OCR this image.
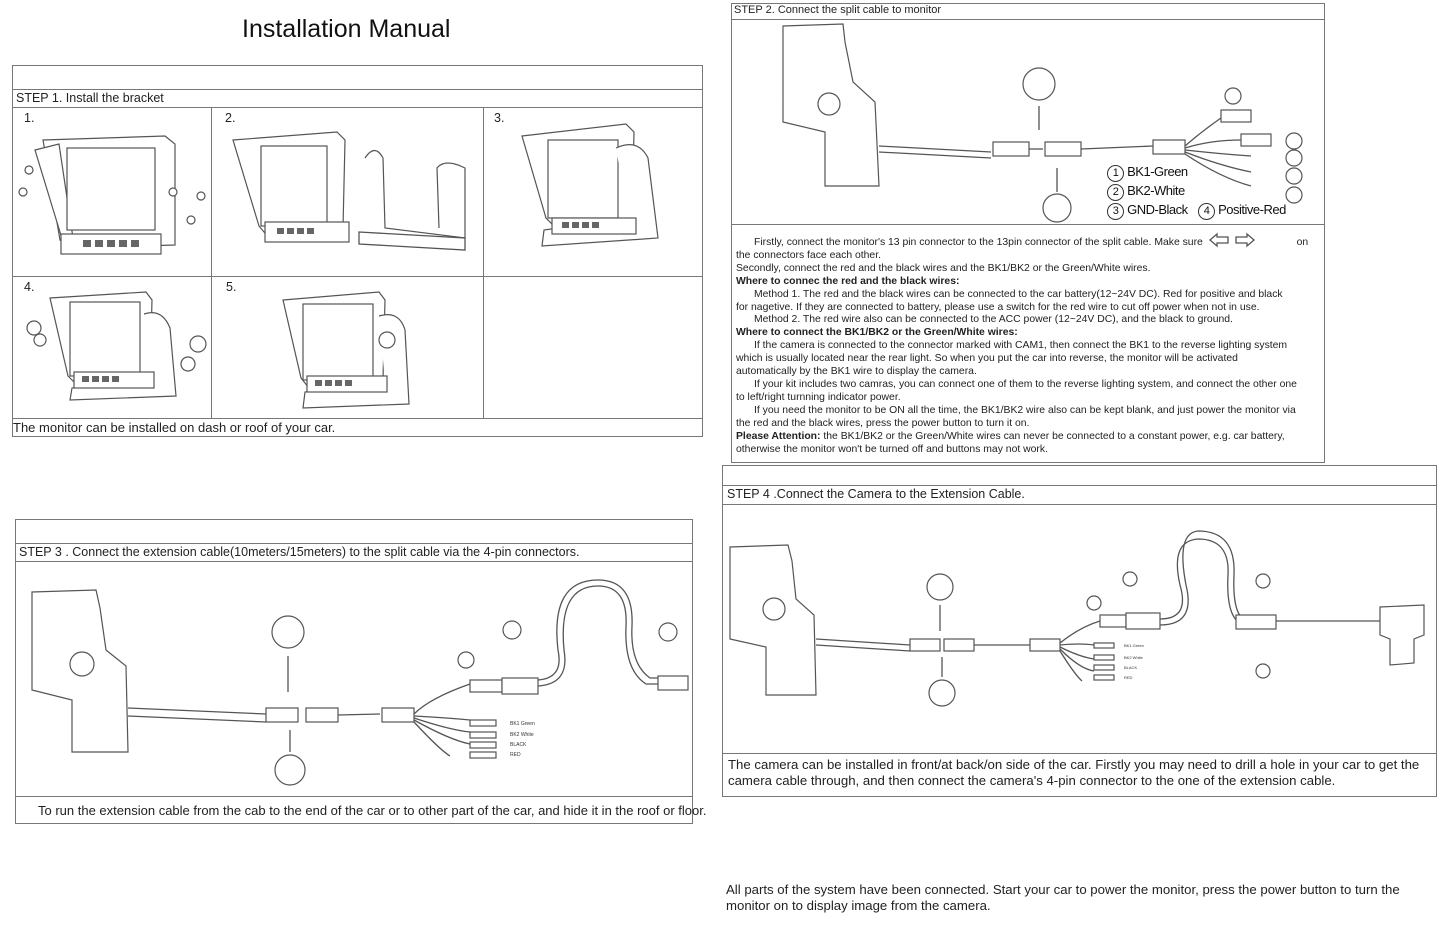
Installation Manual
STEP 1. Install the bracket
1.	2.	3.
4.	5.
The monitor can be installed on dash or roof of your car.
STEP 2. Connect the split cable to monitor
1 BK1-Green
2 BK2-White
3 GND-Black	4 Positive-Red

Firstly, connect the monitor's 13 pin connector to the 13pin connector of the split cable. Make sure	on

the connectors face each other.

Secondly, connect the red and the black wires and the BK1/BK2 or the Green/White wires.

Where to connec the red and the black wires:

Method 1. The red and the black wires can be connected to the car battery(12~24V DC). Red for positive and black

for nagetive. If they are connected to battery, please use a switch for the red wire to cut off power when not in use.

Method 2. The red wire also can be connected to the ACC power (12~24V DC), and the black to ground.

Where to connect the BK1/BK2 or the Green/White wires:

If the camera is connected to the connector marked with CAM1, then connect the BK1 to the reverse lighting system

which is usually located near the rear light. So when you put the car into reverse, the monitor will be activated

automatically by the BK1 wire to display the camera.

If your kit includes two camras, you can connect one of them to the reverse lighting system, and connect the other one

to left/right turnning indicator power.

If you need the monitor to be ON all the time, the BK1/BK2 wire also can be kept blank, and just power the monitor via

the red and the black wires, press the power button to turn it on.

Please Attention: the BK1/BK2 or the Green/White wires can never be connected to a constant power, e.g. car battery,

otherwise the monitor won't be turned off and buttons may not work.

STEP 3 . Connect the extension cable(10meters/15meters) to the split cable via the 4-pin connectors.
To run the extension cable from the cab to the end of the car or to other part of the car, and hide it in the roof or floor.
BK1 Green
BK2 White
BLACK
RED
STEP 4 .Connect the Camera to the Extension Cable.
The camera can be installed in front/at back/on side of the car. Firstly you may need to drill a hole in your car to get the
camera cable through, and then connect the camera's 4-pin connector to the one of the extension cable.
BK1 Green
BK2 White
BLACK
RED
All parts of the system have been connected. Start your car to power the monitor, press the power button to turn the
monitor on to display image from the camera.
